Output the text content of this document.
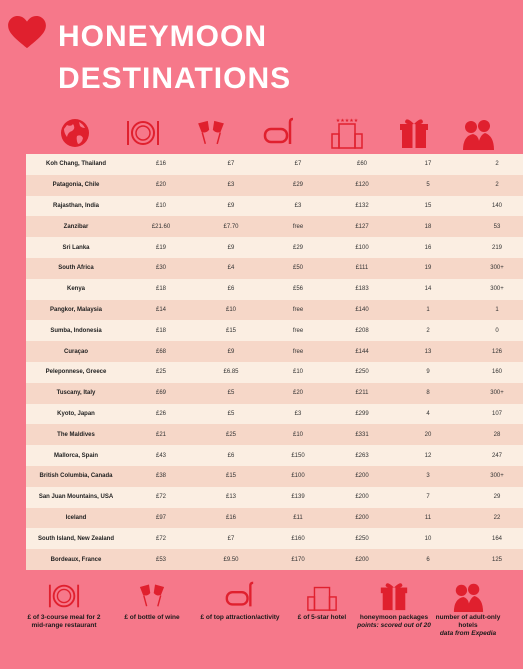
HONEYMOON
DESTINATIONS
★★★★★
Koh Chang, Thailand	£16	£7	£7	£60	17	2
Patagonia, Chile	£20	£3	£29	£120	5	2
Rajasthan, India	£10	£9	£3	£132	15	140
Zanzibar	£21.60	£7.70	free	£127	18	53
Sri Lanka	£19	£9	£29	£100	16	219
South Africa	£30	£4	£50	£111	19	300+
Kenya	£18	£6	£56	£183	14	300+
Pangkor, Malaysia	£14	£10	free	£140	1	1
Sumba, Indonesia	£18	£15	free	£208	2	0
Curaçao	£68	£9	free	£144	13	126
Peleponnese, Greece	£25	£6.85	£10	£250	9	160
Tuscany, Italy	£69	£5	£20	£211	8	300+
Kyoto, Japan	£26	£5	£3	£299	4	107
The Maldives	£21	£25	£10	£331	20	28
Mallorca, Spain	£43	£6	£150	£263	12	247
British Columbia, Canada	£38	£15	£100	£200	3	300+
San Juan Mountains, USA	£72	£13	£139	£200	7	29
Iceland	£97	£16	£11	£200	11	22
South Island, New Zealand	£72	£7	£160	£250	10	164
Bordeaux, France	£53	£9.50	£170	£200	6	125
£ of 3-course meal for 2 mid-range restaurant
£ of bottle of wine	£ of top attraction/activity	£ of 5-star hotel	honeymoon packages
points: scored out of 20
number of adult-only hotels
data from Expedia
